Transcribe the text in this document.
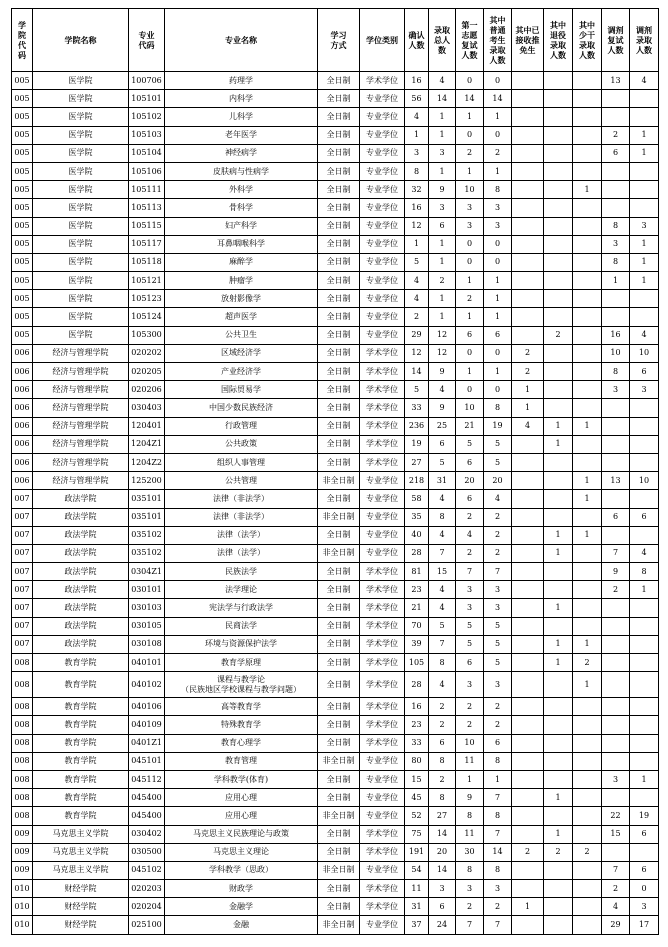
学院代码	学院名称	专业代码	专业名称	学习方式	学位类别	确认人数	录取总人数	第一志愿复试人数	其中普通考生录取人数	其中已接收推免生	其中退役录取人数	其中少干录取人数	调剂复试人数	调剂录取人数

005	医学院	100706	药理学	全日制	学术学位	16	4	0	0				13	4
005	医学院	105101	内科学	全日制	专业学位	56	14	14	14					
005	医学院	105102	儿科学	全日制	专业学位	4	1	1	1					
005	医学院	105103	老年医学	全日制	专业学位	1	1	0	0				2	1
005	医学院	105104	神经病学	全日制	专业学位	3	3	2	2				6	1
005	医学院	105106	皮肤病与性病学	全日制	专业学位	8	1	1	1					
005	医学院	105111	外科学	全日制	专业学位	32	9	10	8			1		
005	医学院	105113	骨科学	全日制	专业学位	16	3	3	3					
005	医学院	105115	妇产科学	全日制	专业学位	12	6	3	3				8	3
005	医学院	105117	耳鼻咽喉科学	全日制	专业学位	1	1	0	0				3	1
005	医学院	105118	麻醉学	全日制	专业学位	5	1	0	0				8	1
005	医学院	105121	肿瘤学	全日制	专业学位	4	2	1	1				1	1
005	医学院	105123	放射影像学	全日制	专业学位	4	1	2	1					
005	医学院	105124	超声医学	全日制	专业学位	2	1	1	1					
005	医学院	105300	公共卫生	全日制	专业学位	29	12	6	6		2		16	4
006	经济与管理学院	020202	区域经济学	全日制	学术学位	12	12	0	0	2			10	10
006	经济与管理学院	020205	产业经济学	全日制	学术学位	14	9	1	1	2			8	6
006	经济与管理学院	020206	国际贸易学	全日制	学术学位	5	4	0	0	1			3	3
006	经济与管理学院	030403	中国少数民族经济	全日制	学术学位	33	9	10	8	1				
006	经济与管理学院	120401	行政管理	全日制	学术学位	236	25	21	19	4	1	1		
006	经济与管理学院	1204Z1	公共政策	全日制	学术学位	19	6	5	5		1			
006	经济与管理学院	1204Z2	组织人事管理	全日制	学术学位	27	5	6	5					
006	经济与管理学院	125200	公共管理	非全日制	专业学位	218	31	20	20			1	13	10
007	政法学院	035101	法律（非法学）	全日制	专业学位	58	4	6	4			1		
007	政法学院	035101	法律（非法学）	非全日制	专业学位	35	8	2	2				6	6
007	政法学院	035102	法律（法学）	全日制	专业学位	40	4	4	2		1	1		
007	政法学院	035102	法律（法学）	非全日制	专业学位	28	7	2	2		1		7	4
007	政法学院	0304Z1	民族法学	全日制	学术学位	81	15	7	7				9	8
007	政法学院	030101	法学理论	全日制	学术学位	23	4	3	3				2	1
007	政法学院	030103	宪法学与行政法学	全日制	学术学位	21	4	3	3		1			
007	政法学院	030105	民商法学	全日制	学术学位	70	5	5	5					
007	政法学院	030108	环境与资源保护法学	全日制	学术学位	39	7	5	5		1	1		
008	教育学院	040101	教育学原理	全日制	学术学位	105	8	6	5		1	2		
008	教育学院	040102	课程与教学论
（民族地区学校课程与教学问题）	全日制	学术学位	28	4	3	3			1		
008	教育学院	040106	高等教育学	全日制	学术学位	16	2	2	2					
008	教育学院	040109	特殊教育学	全日制	学术学位	23	2	2	2					
008	教育学院	0401Z1	教育心理学	全日制	学术学位	33	6	10	6					
008	教育学院	045101	教育管理	非全日制	专业学位	80	8	11	8					
008	教育学院	045112	学科教学(体育)	全日制	专业学位	15	2	1	1				3	1
008	教育学院	045400	应用心理	全日制	专业学位	45	8	9	7		1			
008	教育学院	045400	应用心理	非全日制	专业学位	52	27	8	8				22	19
009	马克思主义学院	030402	马克思主义民族理论与政策	全日制	学术学位	75	14	11	7		1		15	6
009	马克思主义学院	030500	马克思主义理论	全日制	学术学位	191	20	30	14	2	2	2		
009	马克思主义学院	045102	学科教学（思政）	非全日制	专业学位	54	14	8	8				7	6
010	财经学院	020203	财政学	全日制	学术学位	11	3	3	3				2	0
010	财经学院	020204	金融学	全日制	学术学位	31	6	2	2	1			4	3
010	财经学院	025100	金融	非全日制	专业学位	37	24	7	7				29	17
